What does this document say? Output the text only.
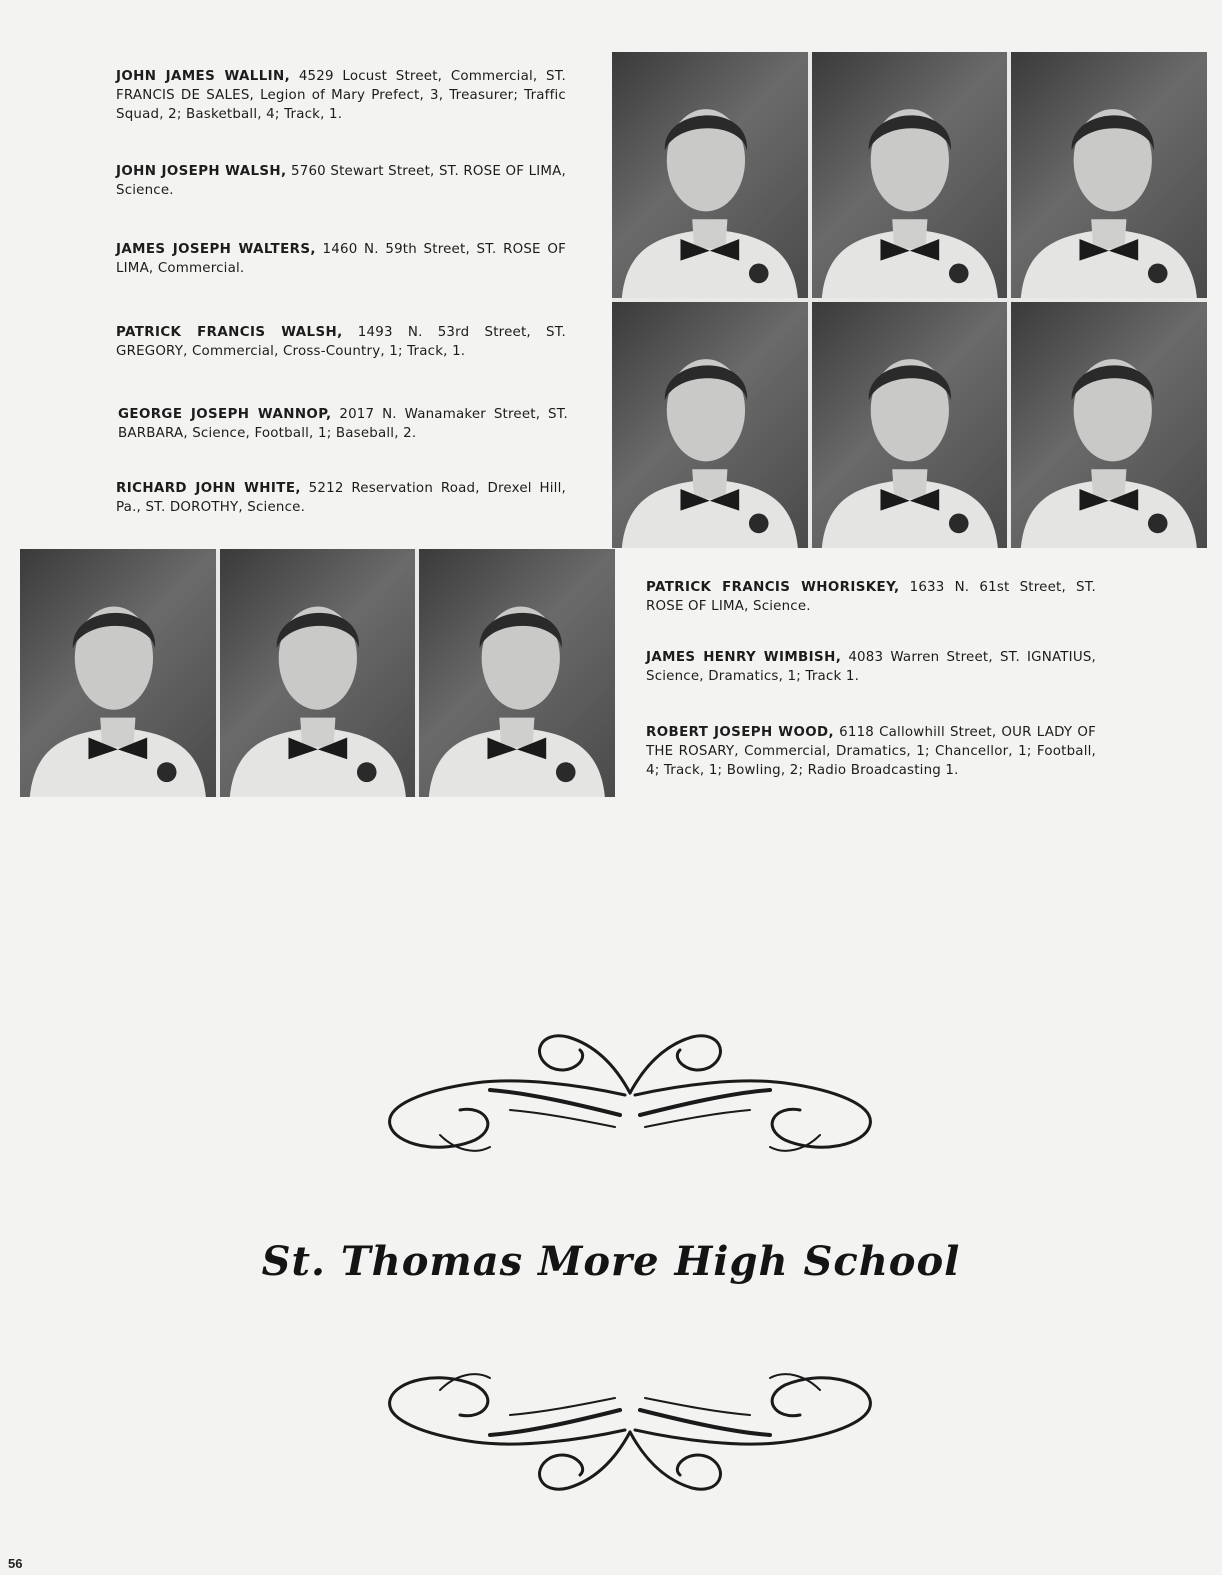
JOHN JAMES WALLIN, 4529 Locust Street, Commercial, ST. FRANCIS DE SALES, Legion of Mary Prefect, 3, Treasurer; Traffic Squad, 2; Basketball, 4; Track, 1.
JOHN JOSEPH WALSH, 5760 Stewart Street, ST. ROSE OF LIMA, Science.
JAMES JOSEPH WALTERS, 1460 N. 59th Street, ST. ROSE OF LIMA, Commercial.
PATRICK FRANCIS WALSH, 1493 N. 53rd Street, ST. GREGORY, Commercial, Cross-Country, 1; Track, 1.
GEORGE JOSEPH WANNOP, 2017 N. Wanamaker Street, ST. BARBARA, Science, Football, 1; Baseball, 2.
RICHARD JOHN WHITE, 5212 Reservation Road, Drexel Hill, Pa., ST. DOROTHY, Science.
PATRICK FRANCIS WHORISKEY, 1633 N. 61st Street, ST. ROSE OF LIMA, Science.
JAMES HENRY WIMBISH, 4083 Warren Street, ST. IGNATIUS, Science, Dramatics, 1; Track 1.
ROBERT JOSEPH WOOD, 6118 Callowhill Street, OUR LADY OF THE ROSARY, Commercial, Dramatics, 1; Chancellor, 1; Football, 4; Track, 1; Bowling, 2; Radio Broadcasting 1.
St. Thomas More High School
56
